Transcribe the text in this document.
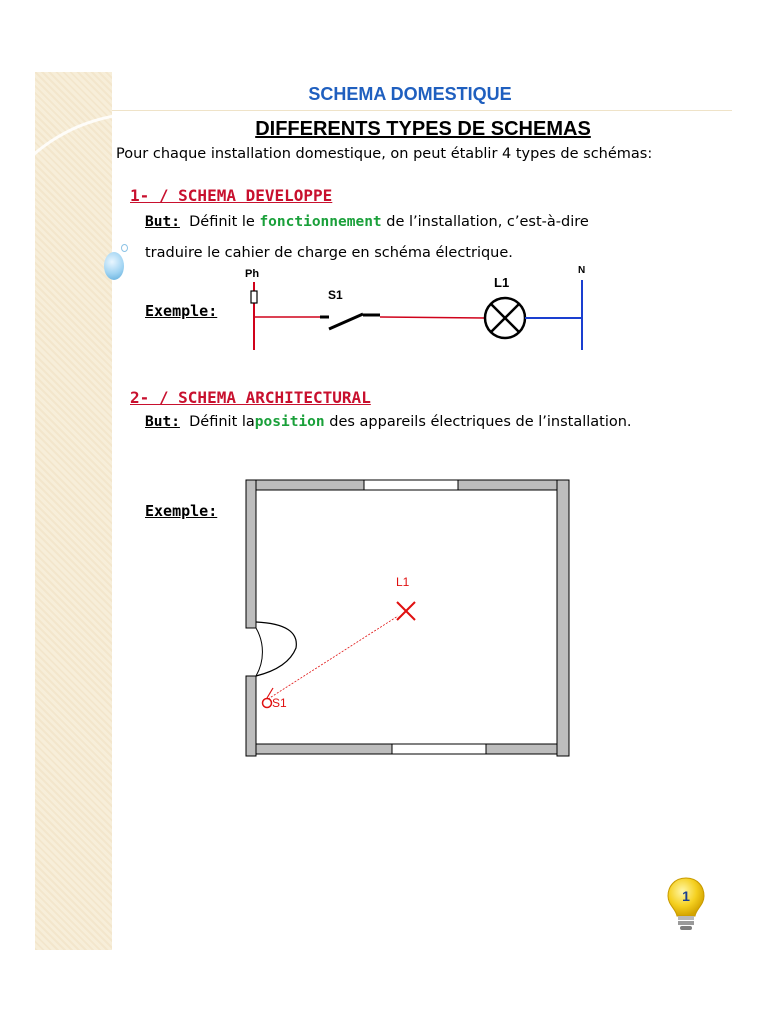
SCHEMA DOMESTIQUE
DIFFERENTS TYPES DE SCHEMAS
Pour chaque installation domestique, on peut établir 4 types de schémas:
1- / SCHEMA DEVELOPPE
But: Définit le fonctionnement de l’installation, c’est-à-dire
traduire le cahier de charge en schéma électrique.
Exemple:
Ph
S1
L1
N
2- / SCHEMA ARCHITECTURAL
But: Définit laposition des appareils électriques de l’installation.
Exemple:
L1
S1
1
